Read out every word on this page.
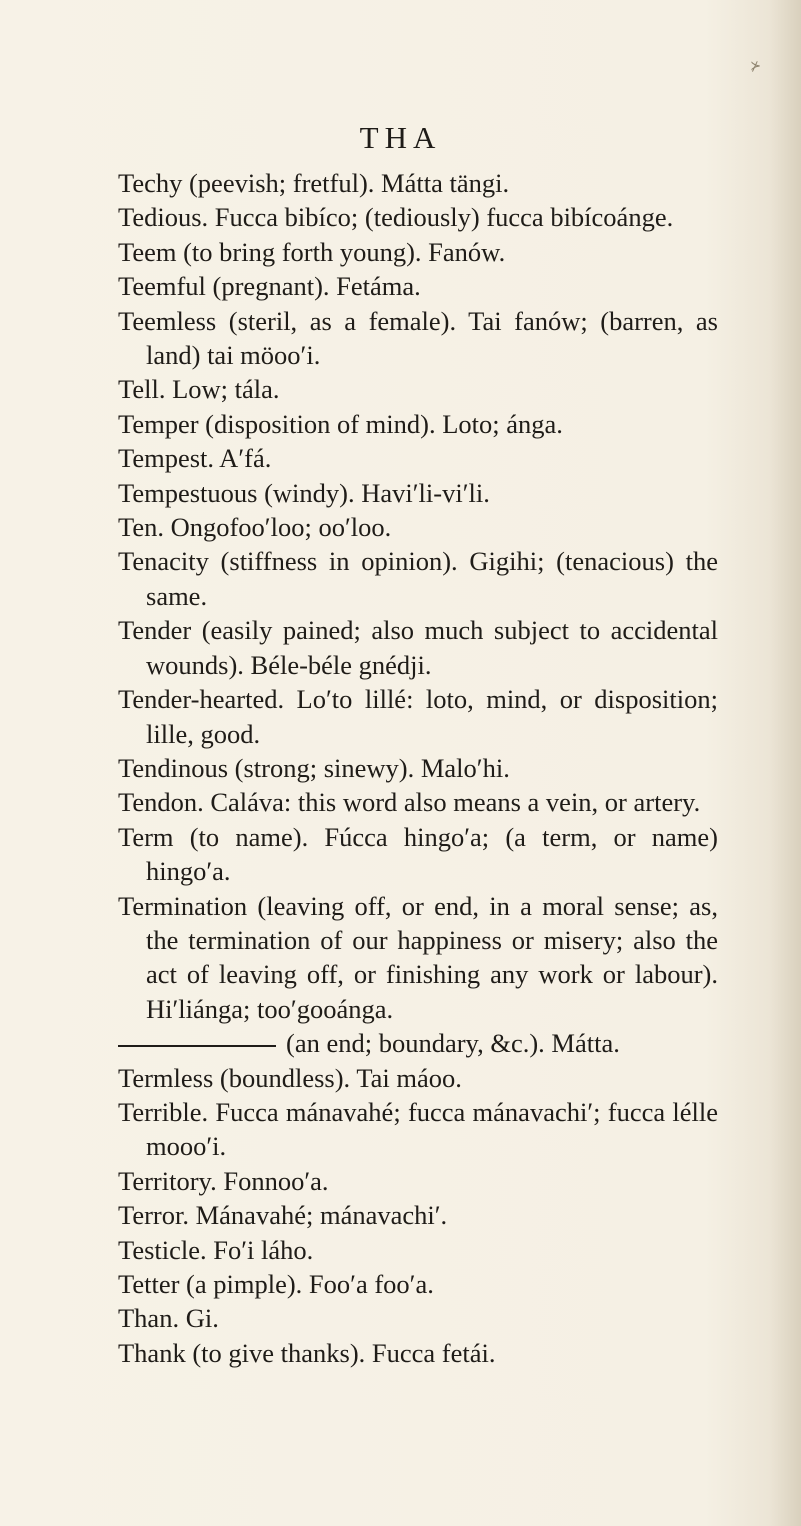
⊁
THA

Techy (peevish; fretful). Mátta tängi.

Tedious. Fucca bibíco; (tediously) fucca bibícoánge.

Teem (to bring forth young). Fanów.

Teemful (pregnant). Fetáma.

Teemless (steril, as a female). Tai fanów; (barren, as land) tai möoo′i.

Tell. Low; tála.

Temper (disposition of mind). Loto; ánga.

Tempest. A′fá.

Tempestuous (windy). Havi′li-vi′li.

Ten. Ongofoo′loo; oo′loo.

Tenacity (stiffness in opinion). Gigihi; (tenacious) the same.

Tender (easily pained; also much subject to accidental wounds). Béle-béle gnédji.

Tender-hearted. Lo′to lillé: loto, mind, or disposition; lille, good.

Tendinous (strong; sinewy). Malo′hi.

Tendon. Caláva: this word also means a vein, or artery.

Term (to name). Fúcca hingo′a; (a term, or name) hingo′a.

Termination (leaving off, or end, in a moral sense; as, the termination of our happiness or misery; also the act of leaving off, or finishing any work or labour). Hi′liánga; too′gooánga.

(an end; boundary, &c.). Mátta.

Termless (boundless). Tai máoo.

Terrible. Fucca mánavahé; fucca mánavachi′; fucca lélle mooo′i.

Territory. Fonnoo′a.

Terror. Mánavahé; mánavachi′.

Testicle. Fo′i láho.

Tetter (a pimple). Foo′a foo′a.

Than. Gi.

Thank (to give thanks). Fucca fetái.
